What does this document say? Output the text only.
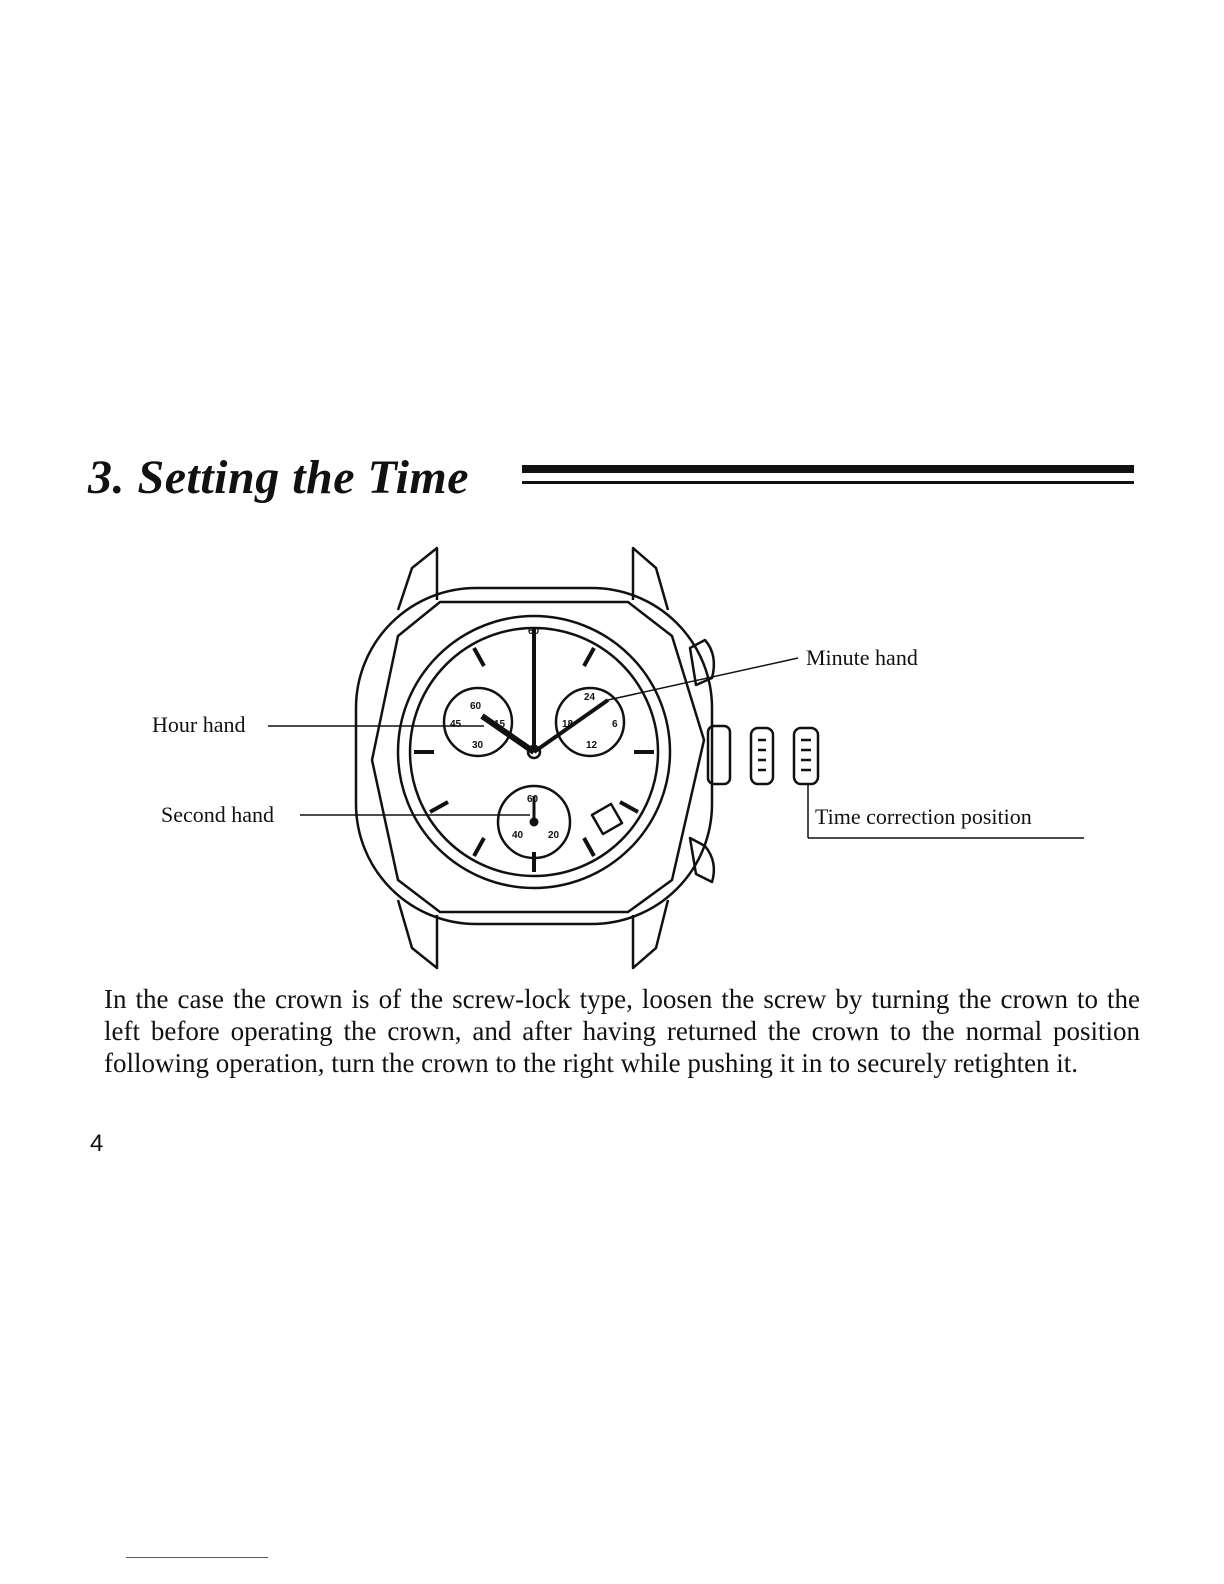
3. Setting the Time
60
60
45	15
30
24
18	6
12
60
40 20
Minute hand
Hour hand
Second hand	Time correction position

In the case the crown is of the screw-lock type, loosen the screw by turning the crown to the left before operating the crown, and after having returned the crown to the normal position following operation, turn the crown to the right while pushing it in to securely retighten it.

4
